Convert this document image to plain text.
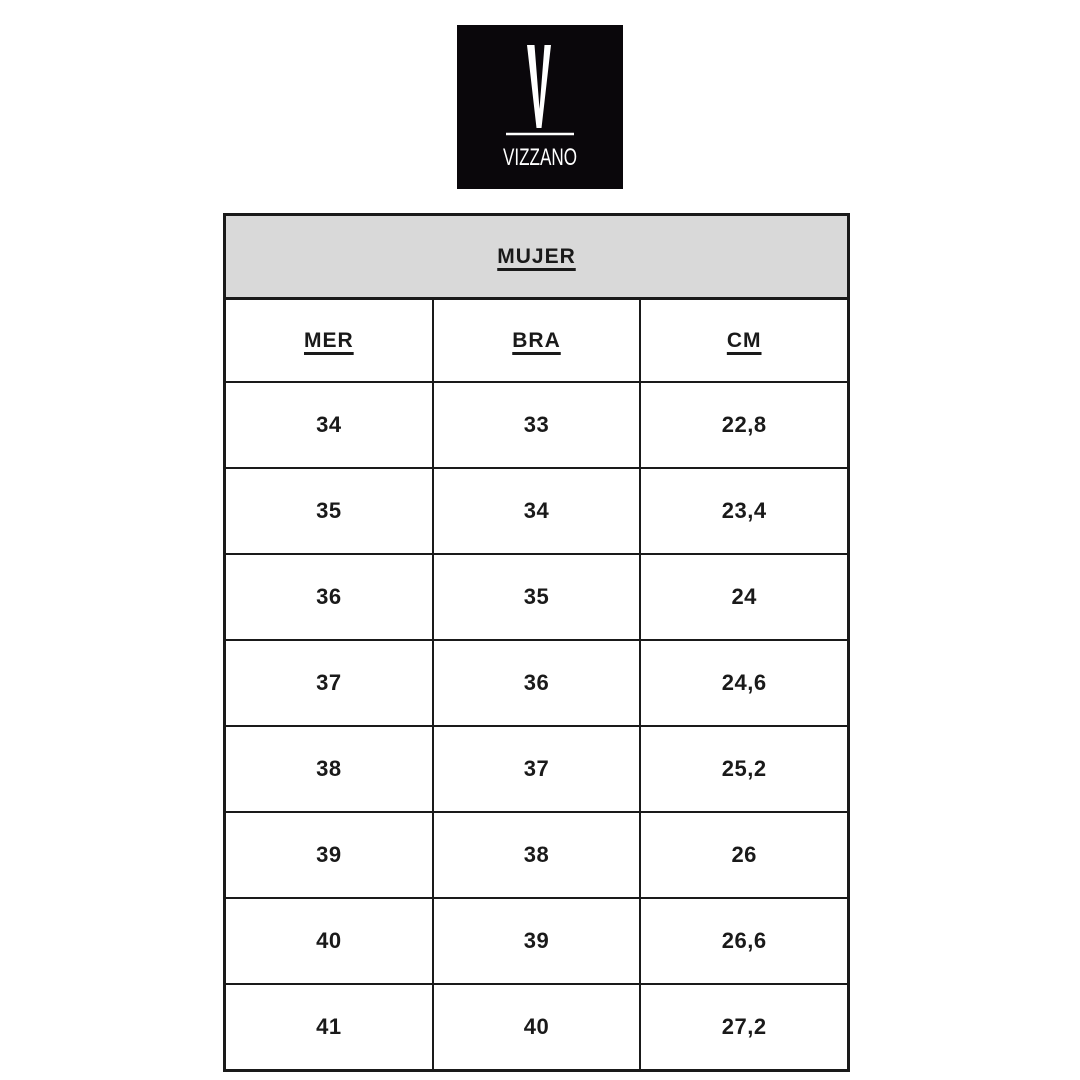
VIZZANO
MUJER
MER	BRA	CM
34	33	22,8
35	34	23,4
36	35	24
37	36	24,6
38	37	25,2
39	38	26
40	39	26,6
41	40	27,2
